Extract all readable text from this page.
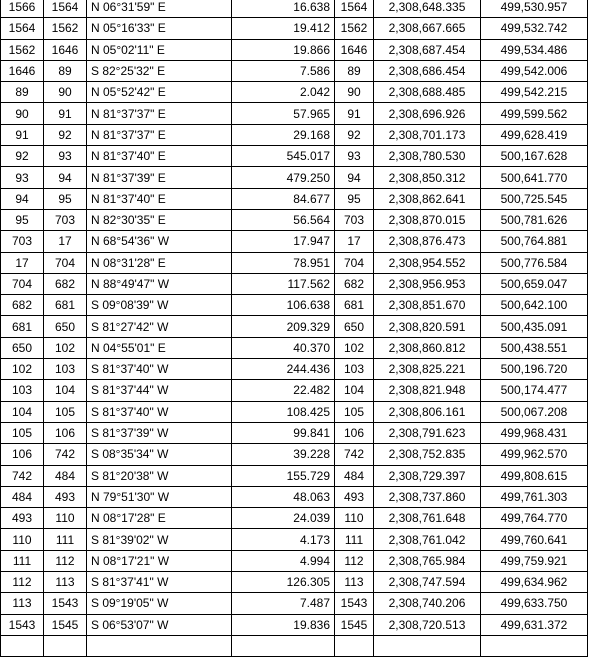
1566	1564	N 06°31'59" E	16.638	1564	2,308,648.335	499,530.957
1564	1562	N 05°16'33" E	19.412	1562	2,308,667.665	499,532.742
1562	1646	N 05°02'11" E	19.866	1646	2,308,687.454	499,534.486
1646	89	S 82°25'32" E	7.586	89	2,308,686.454	499,542.006
89	90	N 05°52'42" E	2.042	90	2,308,688.485	499,542.215
90	91	N 81°37'37" E	57.965	91	2,308,696.926	499,599.562
91	92	N 81°37'37" E	29.168	92	2,308,701.173	499,628.419
92	93	N 81°37'40" E	545.017	93	2,308,780.530	500,167.628
93	94	N 81°37'39" E	479.250	94	2,308,850.312	500,641.770
94	95	N 81°37'40" E	84.677	95	2,308,862.641	500,725.545
95	703	N 82°30'35" E	56.564	703	2,308,870.015	500,781.626
703	17	N 68°54'36" W	17.947	17	2,308,876.473	500,764.881
17	704	N 08°31'28" E	78.951	704	2,308,954.552	500,776.584
704	682	N 88°49'47" W	117.562	682	2,308,956.953	500,659.047
682	681	S 09°08'39" W	106.638	681	2,308,851.670	500,642.100
681	650	S 81°27'42" W	209.329	650	2,308,820.591	500,435.091
650	102	N 04°55'01" E	40.370	102	2,308,860.812	500,438.551
102	103	S 81°37'40" W	244.436	103	2,308,825.221	500,196.720
103	104	S 81°37'44" W	22.482	104	2,308,821.948	500,174.477
104	105	S 81°37'40" W	108.425	105	2,308,806.161	500,067.208
105	106	S 81°37'39" W	99.841	106	2,308,791.623	499,968.431
106	742	S 08°35'34" W	39.228	742	2,308,752.835	499,962.570
742	484	S 81°20'38" W	155.729	484	2,308,729.397	499,808.615
484	493	N 79°51'30" W	48.063	493	2,308,737.860	499,761.303
493	110	N 08°17'28" E	24.039	110	2,308,761.648	499,764.770
110	111	S 81°39'02" W	4.173	111	2,308,761.042	499,760.641
111	112	N 08°17'21" W	4.994	112	2,308,765.984	499,759.921
112	113	S 81°37'41" W	126.305	113	2,308,747.594	499,634.962
113	1543	S 09°19'05" W	7.487	1543	2,308,740.206	499,633.750
1543	1545	S 06°53'07" W	19.836	1545	2,308,720.513	499,631.372
